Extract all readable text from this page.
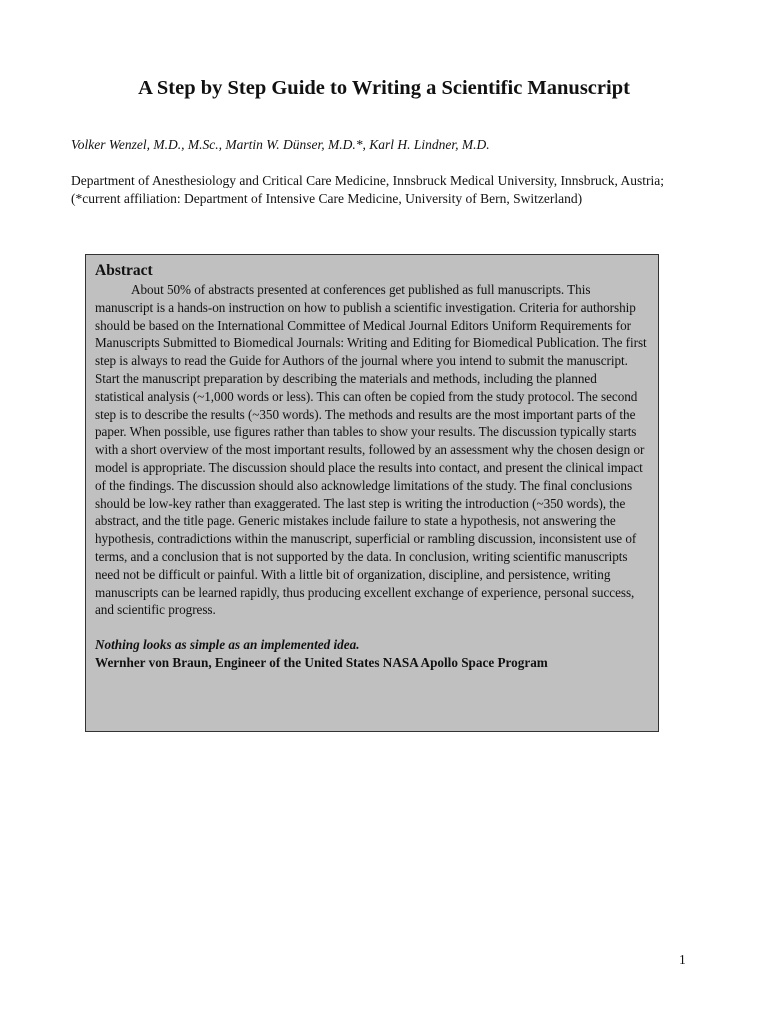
A Step by Step Guide to Writing a Scientific Manuscript

Volker Wenzel, M.D., M.Sc., Martin W. Dünser, M.D.*, Karl H. Lindner, M.D.

Department of Anesthesiology and Critical Care Medicine, Innsbruck Medical University, Innsbruck, Austria; (*current affiliation: Department of Intensive Care Medicine, University of Bern, Switzerland)

Abstract

About 50% of abstracts presented at conferences get published as full manuscripts. This manuscript is a hands-on instruction on how to publish a scientific investigation. Criteria for authorship should be based on the International Committee of Medical Journal Editors Uniform Requirements for Manuscripts Submitted to Biomedical Journals: Writing and Editing for Biomedical Publication. The first step is always to read the Guide for Authors of the journal where you intend to submit the manuscript. Start the manuscript preparation by describing the materials and methods, including the planned statistical analysis (~1,000 words or less). This can often be copied from the study protocol. The second step is to describe the results (~350 words). The methods and results are the most important parts of the paper. When possible, use figures rather than tables to show your results. The discussion typically starts with a short overview of the most important results, followed by an assessment why the chosen design or model is appropriate. The discussion should place the results into contact, and present the clinical impact of the findings. The discussion should also acknowledge limitations of the study. The final conclusions should be low-key rather than exaggerated. The last step is writing the introduction (~350 words), the abstract, and the title page. Generic mistakes include failure to state a hypothesis, not answering the hypothesis, contradictions within the manuscript, superficial or rambling discussion, inconsistent use of terms, and a conclusion that is not supported by the data. In conclusion, writing scientific manuscripts need not be difficult or painful. With a little bit of organization, discipline, and persistence, writing manuscripts can be learned rapidly, thus producing excellent exchange of experience, personal success, and scientific progress.

Nothing looks as simple as an implemented idea.

Wernher von Braun, Engineer of the United States NASA Apollo Space Program

1
